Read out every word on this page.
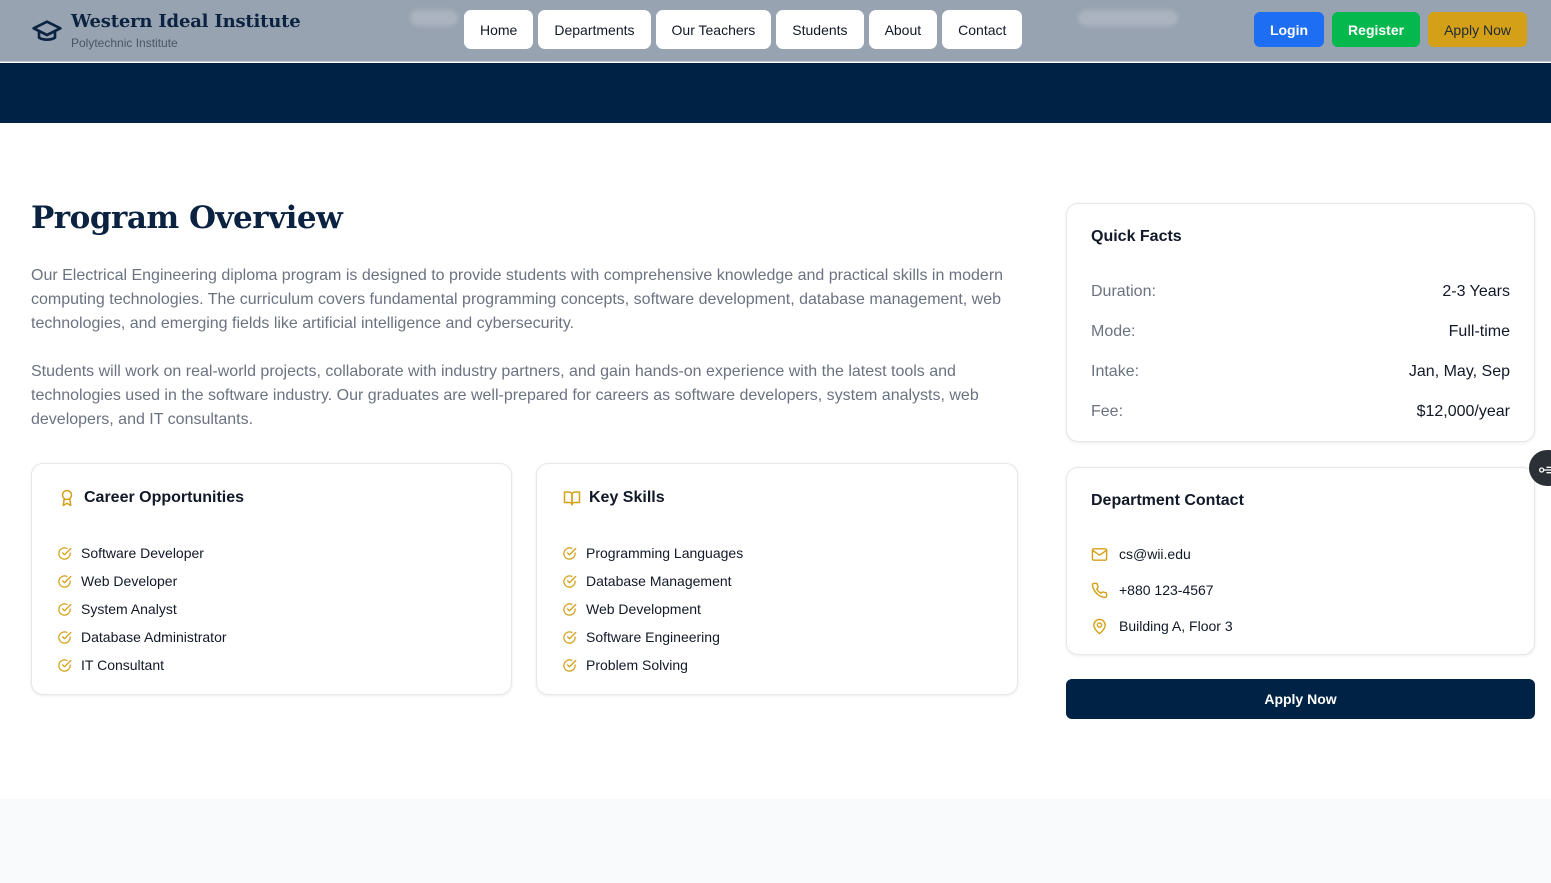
Western Ideal Institute
Polytechnic Institute
Home	Departments	Our Teachers	Students	About	Contact	Login	Register	Apply Now
Program Overview

Our Electrical Engineering diploma program is designed to provide students with comprehensive knowledge and practical skills in modern computing technologies. The curriculum covers fundamental programming concepts, software development, database management, web technologies, and emerging fields like artificial intelligence and cybersecurity.

Students will work on real-world projects, collaborate with industry partners, and gain hands-on experience with the latest tools and technologies used in the software industry. Our graduates are well-prepared for careers as software developers, system analysts, web developers, and IT consultants.

Career Opportunities
Software Developer
Web Developer
System Analyst
Database Administrator
IT Consultant
Key Skills
Programming Languages
Database Management
Web Development
Software Engineering
Problem Solving
Quick Facts
Duration:	2-3 Years
Mode:	Full-time
Intake:	Jan, May, Sep
Fee:	$12,000/year
Department Contact
cs@wii.edu
+880 123-4567
Building A, Floor 3
Apply Now
